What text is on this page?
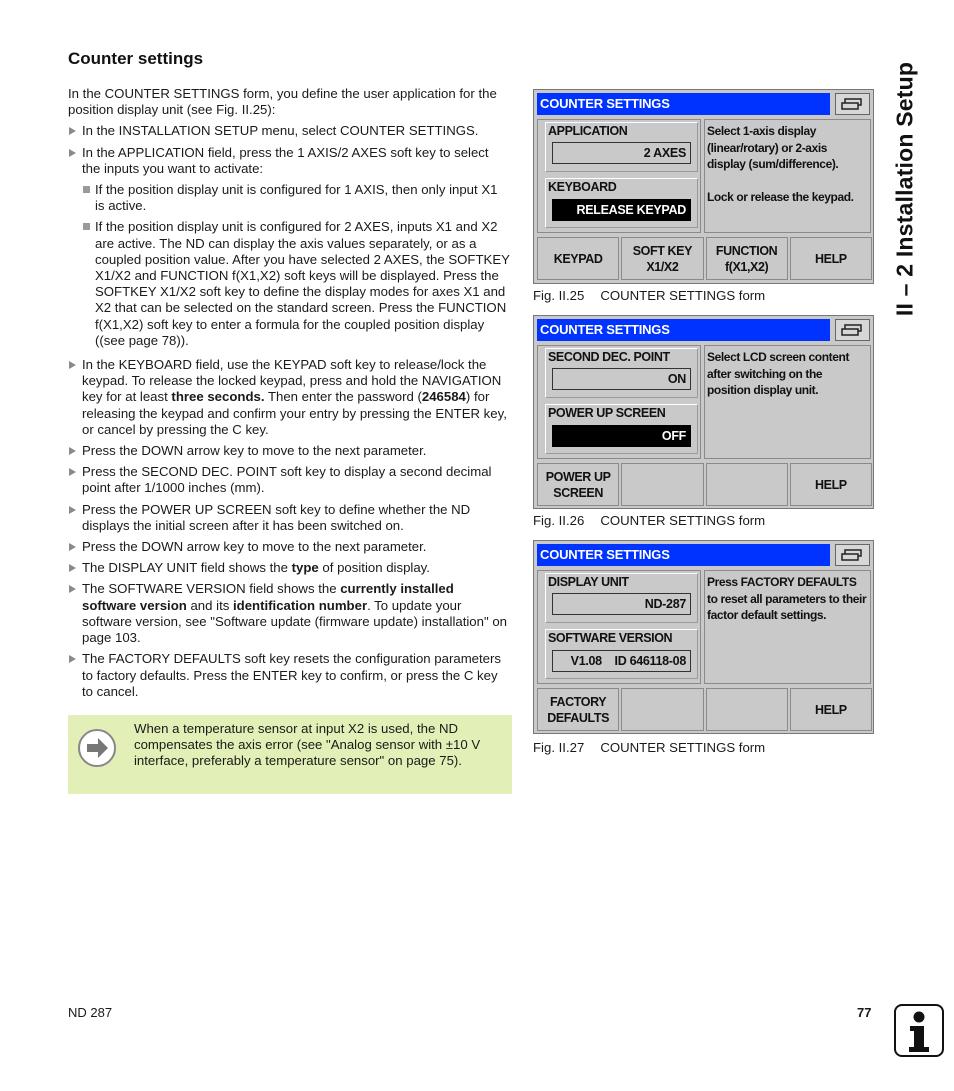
Counter settings

In the COUNTER SETTINGS form, you define the user application for the position display unit (see Fig. II.25):

In the INSTALLATION SETUP menu, select COUNTER SETTINGS.
In the APPLICATION field, press the 1 AXIS/2 AXES soft key to select the inputs you want to activate:
If the position display unit is configured for 1 AXIS, then only input X1 is active.
If the position display unit is configured for 2 AXES, inputs X1 and X2 are active. The ND can display the axis values separately, or as a coupled position value. After you have selected 2 AXES, the SOFTKEY X1/X2 and FUNCTION f(X1,X2) soft keys will be displayed. Press the SOFTKEY X1/X2 soft key to define the display modes for axes X1 and X2 that can be selected on the standard screen. Press the FUNCTION f(X1,X2) soft key to enter a formula for the coupled position display ((see page 78)).
In the KEYBOARD field, use the KEYPAD soft key to release/lock the keypad. To release the locked keypad, press and hold the NAVIGATION key for at least three seconds. Then enter the password (246584) for releasing the keypad and confirm your entry by pressing the ENTER key, or cancel by pressing the C key.
Press the DOWN arrow key to move to the next parameter.
Press the SECOND DEC. POINT soft key to display a second decimal point after 1/1000 inches (mm).
Press the POWER UP SCREEN soft key to define whether the ND displays the initial screen after it has been switched on.
Press the DOWN arrow key to move to the next parameter.
The DISPLAY UNIT field shows the type of position display.
The SOFTWARE VERSION field shows the currently installed software version and its identification number. To update your software version, see "Software update (firmware update) installation" on page 103.
The FACTORY DEFAULTS soft key resets the configuration parameters to factory defaults. Press the ENTER key to confirm, or press the C key to cancel.
When a temperature sensor at input X2 is used, the ND compensates the axis error (see "Analog sensor with ±10 V interface, preferably a temperature sensor" on page 75).
COUNTER SETTINGS
APPLICATION
2 AXES
KEYBOARD
RELEASE KEYPAD
Select 1-axis display (linear/rotary) or 2-axis display (sum/difference).
Lock or release the keypad.
KEYPAD
SOFT KEY
X1/X2
FUNCTION
f(X1,X2)
HELP
Fig. II.25 COUNTER SETTINGS form
COUNTER SETTINGS
SECOND DEC. POINT
ON
POWER UP SCREEN
OFF
Select LCD screen content after switching on the position display unit.
POWER UP
SCREEN
HELP
Fig. II.26 COUNTER SETTINGS form
COUNTER SETTINGS
DISPLAY UNIT
ND-287
SOFTWARE VERSION
V1.08    ID 646118-08
Press FACTORY DEFAULTS to reset all parameters to their factor default settings.
FACTORY
DEFAULTS
HELP
Fig. II.27 COUNTER SETTINGS form
II – 2 Installation Setup
ND 287	77
